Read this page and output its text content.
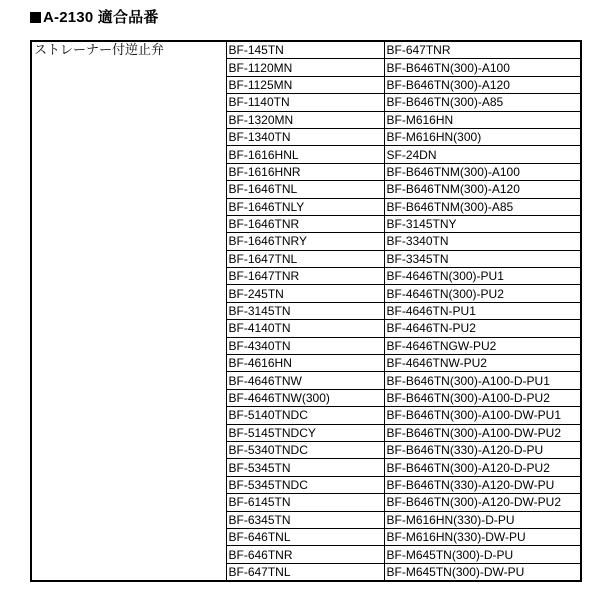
A-2130 適合品番
ストレーナー付逆止弁	BF-145TN	BF-647TNR
	BF-1120MN	BF-B646TN(300)-A100
	BF-1125MN	BF-B646TN(300)-A120
	BF-1140TN	BF-B646TN(300)-A85
	BF-1320MN	BF-M616HN
	BF-1340TN	BF-M616HN(300)
	BF-1616HNL	SF-24DN
	BF-1616HNR	BF-B646TNM(300)-A100
	BF-1646TNL	BF-B646TNM(300)-A120
	BF-1646TNLY	BF-B646TNM(300)-A85
	BF-1646TNR	BF-3145TNY
	BF-1646TNRY	BF-3340TN
	BF-1647TNL	BF-3345TN
	BF-1647TNR	BF-4646TN(300)-PU1
	BF-245TN	BF-4646TN(300)-PU2
	BF-3145TN	BF-4646TN-PU1
	BF-4140TN	BF-4646TN-PU2
	BF-4340TN	BF-4646TNGW-PU2
	BF-4616HN	BF-4646TNW-PU2
	BF-4646TNW	BF-B646TN(300)-A100-D-PU1
	BF-4646TNW(300)	BF-B646TN(300)-A100-D-PU2
	BF-5140TNDC	BF-B646TN(300)-A100-DW-PU1
	BF-5145TNDCY	BF-B646TN(300)-A100-DW-PU2
	BF-5340TNDC	BF-B646TN(330)-A120-D-PU
	BF-5345TN	BF-B646TN(300)-A120-D-PU2
	BF-5345TNDC	BF-B646TN(330)-A120-DW-PU
	BF-6145TN	BF-B646TN(300)-A120-DW-PU2
	BF-6345TN	BF-M616HN(330)-D-PU
	BF-646TNL	BF-M616HN(330)-DW-PU
	BF-646TNR	BF-M645TN(300)-D-PU
	BF-647TNL	BF-M645TN(300)-DW-PU
